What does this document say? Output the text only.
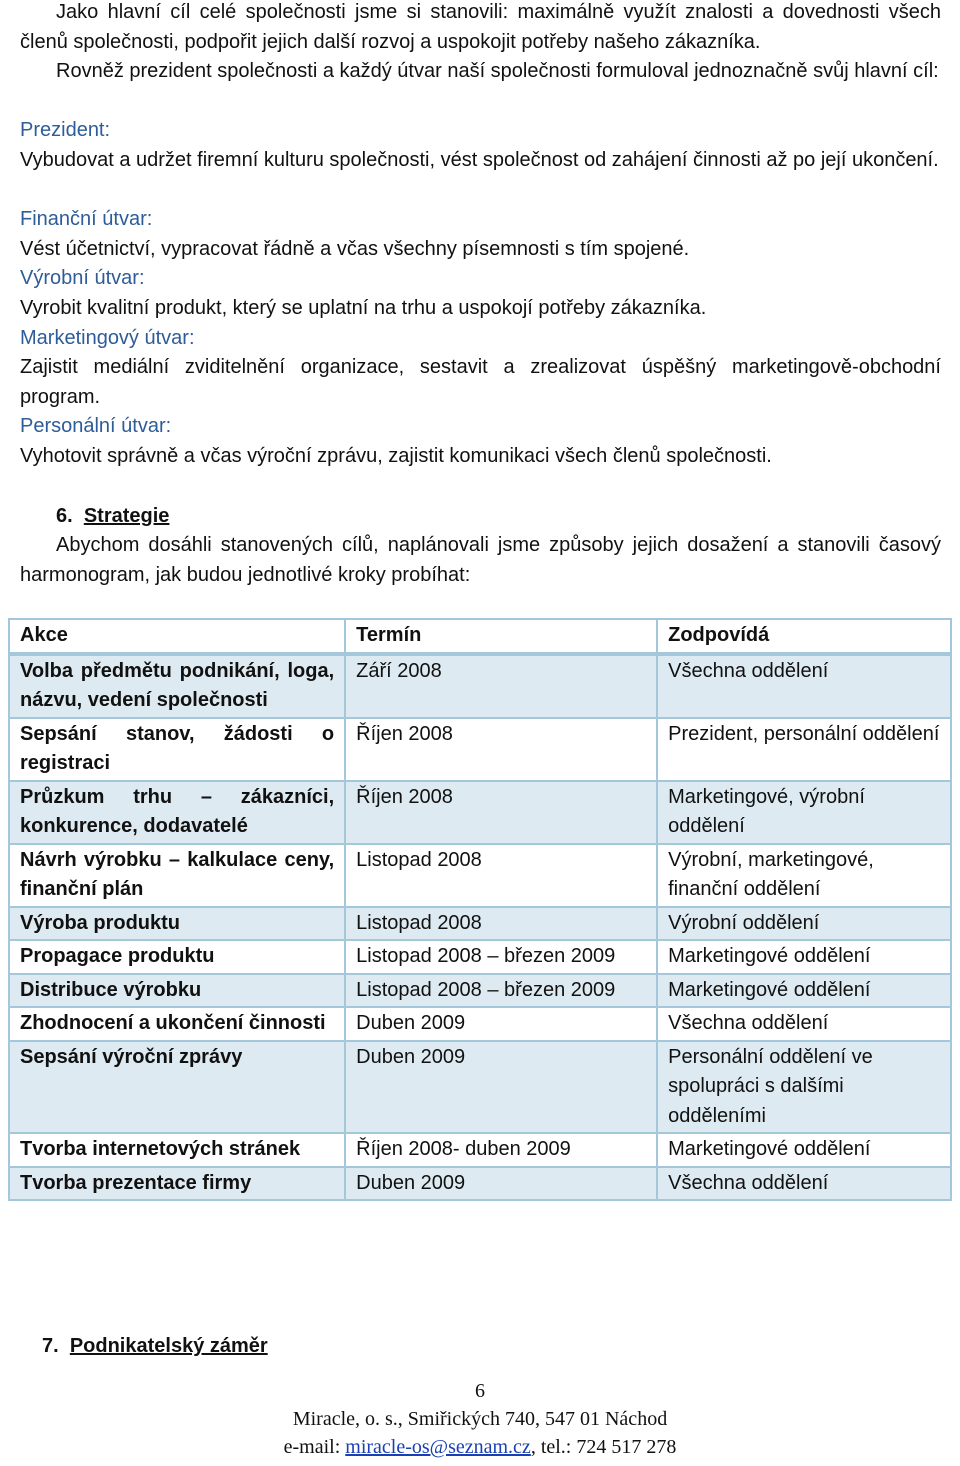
Jako hlavní cíl celé společnosti jsme si stanovili: maximálně využít znalosti a dovednosti všech členů společnosti, podpořit jejich další rozvoj a uspokojit potřeby našeho zákazníka.

Rovněž prezident společnosti a každý útvar naší společnosti formuloval jednoznačně svůj hlavní cíl:

Prezident:

Vybudovat a udržet firemní kulturu společnosti, vést společnost od zahájení činnosti až po její ukončení.

Finanční útvar:

Vést účetnictví, vypracovat řádně a včas všechny písemnosti s tím spojené.

Výrobní útvar:

Vyrobit kvalitní produkt, který se uplatní na trhu a uspokojí potřeby zákazníka.

Marketingový útvar:

Zajistit mediální zviditelnění organizace, sestavit a zrealizovat úspěšný marketingově-obchodní program.

Personální útvar:

Vyhotovit správně a včas výroční zprávu, zajistit komunikaci všech členů společnosti.

6. Strategie

Abychom dosáhli stanovených cílů, naplánovali jsme způsoby jejich dosažení a stanovili časový harmonogram, jak budou jednotlivé kroky probíhat:

Akce	Termín	Zodpovídá
Volba předmětu podnikání, loga, názvu, vedení společnosti	Září 2008	Všechna oddělení
Sepsání stanov, žádosti o registraci	Říjen 2008	Prezident, personální oddělení
Průzkum trhu – zákazníci, konkurence, dodavatelé	Říjen 2008	Marketingové, výrobní oddělení
Návrh výrobku – kalkulace ceny, finanční plán	Listopad 2008	Výrobní, marketingové, finanční oddělení
Výroba produktu	Listopad 2008	Výrobní oddělení
Propagace produktu	Listopad 2008 – březen 2009	Marketingové oddělení
Distribuce výrobku	Listopad 2008 – březen 2009	Marketingové oddělení
Zhodnocení a ukončení činnosti	Duben 2009	Všechna oddělení
Sepsání výroční zprávy	Duben 2009	Personální oddělení ve spolupráci s dalšími odděleními
Tvorba internetových stránek	Říjen 2008- duben 2009	Marketingové oddělení
Tvorba prezentace firmy	Duben 2009	Všechna oddělení

7. Podnikatelský záměr

6
Miracle, o. s., Smiřických 740, 547 01 Náchod
e-mail: miracle-os@seznam.cz, tel.: 724 517 278
